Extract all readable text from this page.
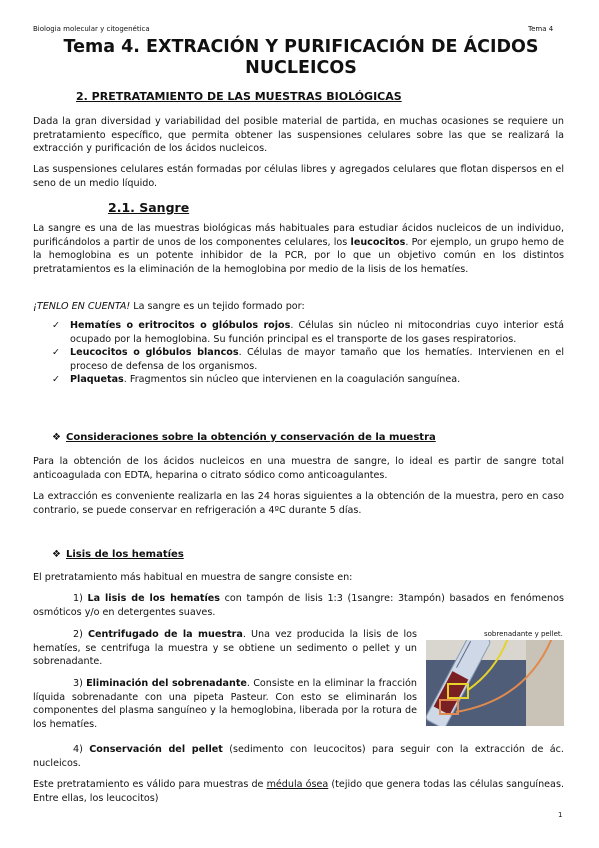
Biologia molecular y citogenética	Tema 4
Tema 4. EXTRACIÓN Y PURIFICACIÓN DE ÁCIDOS NUCLEICOS
2. PRETRATAMIENTO DE LAS MUESTRAS BIOLÓGICAS
Dada la gran diversidad y variabilidad del posible material de partida, en muchas ocasiones se requiere un pretratamiento específico, que permita obtener las suspensiones celulares sobre las que se realizará la extracción y purificación de los ácidos nucleicos.
Las suspensiones celulares están formadas por células libres y agregados celulares que flotan dispersos en el seno de un medio líquido.
2.1. Sangre
La sangre es una de las muestras biológicas más habituales para estudiar ácidos nucleicos de un individuo, purificándolos a partir de unos de los componentes celulares, los leucocitos. Por ejemplo, un grupo hemo de la hemoglobina es un potente inhibidor de la PCR, por lo que un objetivo común en los distintos pretratamientos es la eliminación de la hemoglobina por medio de la lisis de los hematíes.
¡TENLO EN CUENTA! La sangre es un tejido formado por:
✓ Hematíes o eritrocitos o glóbulos rojos. Células sin núcleo ni mitocondrias cuyo interior está ocupado por la hemoglobina. Su función principal es el transporte de los gases respiratorios.
✓ Leucocitos o glóbulos blancos. Células de mayor tamaño que los hematíes. Intervienen en el proceso de defensa de los organismos.
✓ Plaquetas. Fragmentos sin núcleo que intervienen en la coagulación sanguínea.
❖ Consideraciones sobre la obtención y conservación de la muestra
Para la obtención de los ácidos nucleicos en una muestra de sangre, lo ideal es partir de sangre total anticoagulada con EDTA, heparina o citrato sódico como anticoagulantes.
La extracción es conveniente realizarla en las 24 horas siguientes a la obtención de la muestra, pero en caso contrario, se puede conservar en refrigeración a 4ºC durante 5 días.
❖ Lisis de los hematíes
El pretratamiento más habitual en muestra de sangre consiste en:
1) La lisis de los hematíes con tampón de lisis 1:3 (1sangre: 3tampón) basados en fenómenos osmóticos y/o en detergentes suaves.
2) Centrifugado de la muestra. Una vez producida la lisis de los hematíes, se centrifuga la muestra y se obtiene un sedimento o pellet y un sobrenadante.
3) Eliminación del sobrenadante. Consiste en la eliminar la fracción líquida sobrenadante con una pipeta Pasteur. Con esto se eliminarán los componentes del plasma sanguíneo y la hemoglobina, liberada por la rotura de los hematíes.
4) Conservación del pellet (sedimento con leucocitos) para seguir con la extracción de ác. nucleicos.
Este pretratamiento es válido para muestras de médula ósea (tejido que genera todas las células sanguíneas. Entre ellas, los leucocitos)
sobrenadante y pellet.
1
